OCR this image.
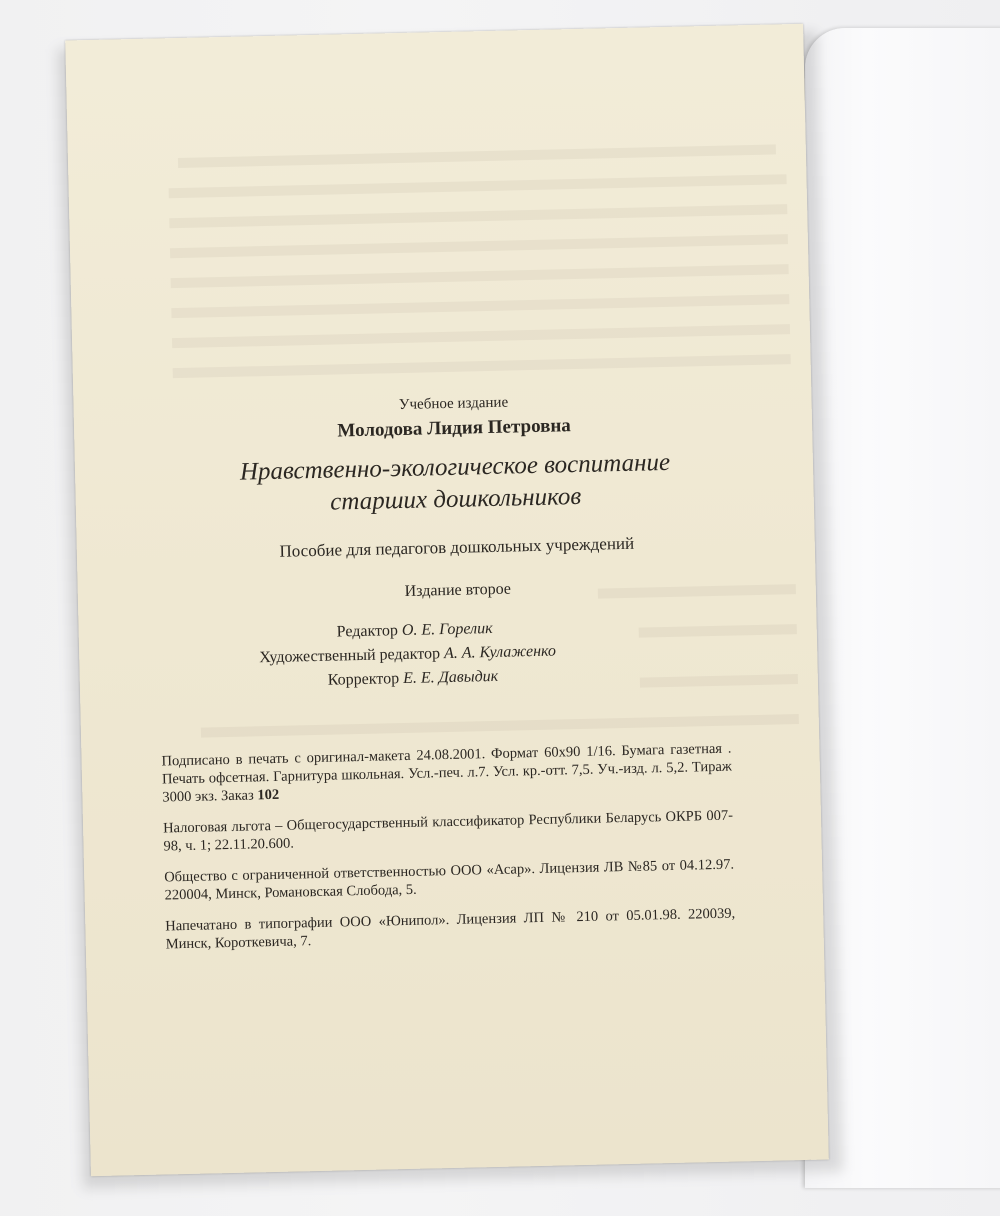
Учебное издание
Молодова Лидия Петровна
Нравственно-экологическое воспитание
старших дошкольников
Пособие для педагогов дошкольных учреждений
Издание второе
Редактор О. Е. Горелик
Художественный редактор А. А. Кулаженко
Корректор Е. Е. Давыдик

Подписано в печать с оригинал-макета 24.08.2001. Формат 60х90 1/16. Бумага газетная . Печать офсетная. Гарнитура школьная. Усл.-печ. л.7. Усл. кр.-отт. 7,5. Уч.-изд. л. 5,2. Тираж 3000 экз. Заказ 102

Налоговая льгота – Общегосударственный классификатор Республики Беларусь ОКРБ 007-98, ч. 1; 22.11.20.600.

Общество с ограниченной ответственностью ООО «Асар». Лицензия ЛВ №85 от 04.12.97. 220004, Минск, Романовская Слобода, 5.

Напечатано в типографии ООО «Юнипол». Лицензия ЛП № 210 от 05.01.98. 220039, Минск, Короткевича, 7.
